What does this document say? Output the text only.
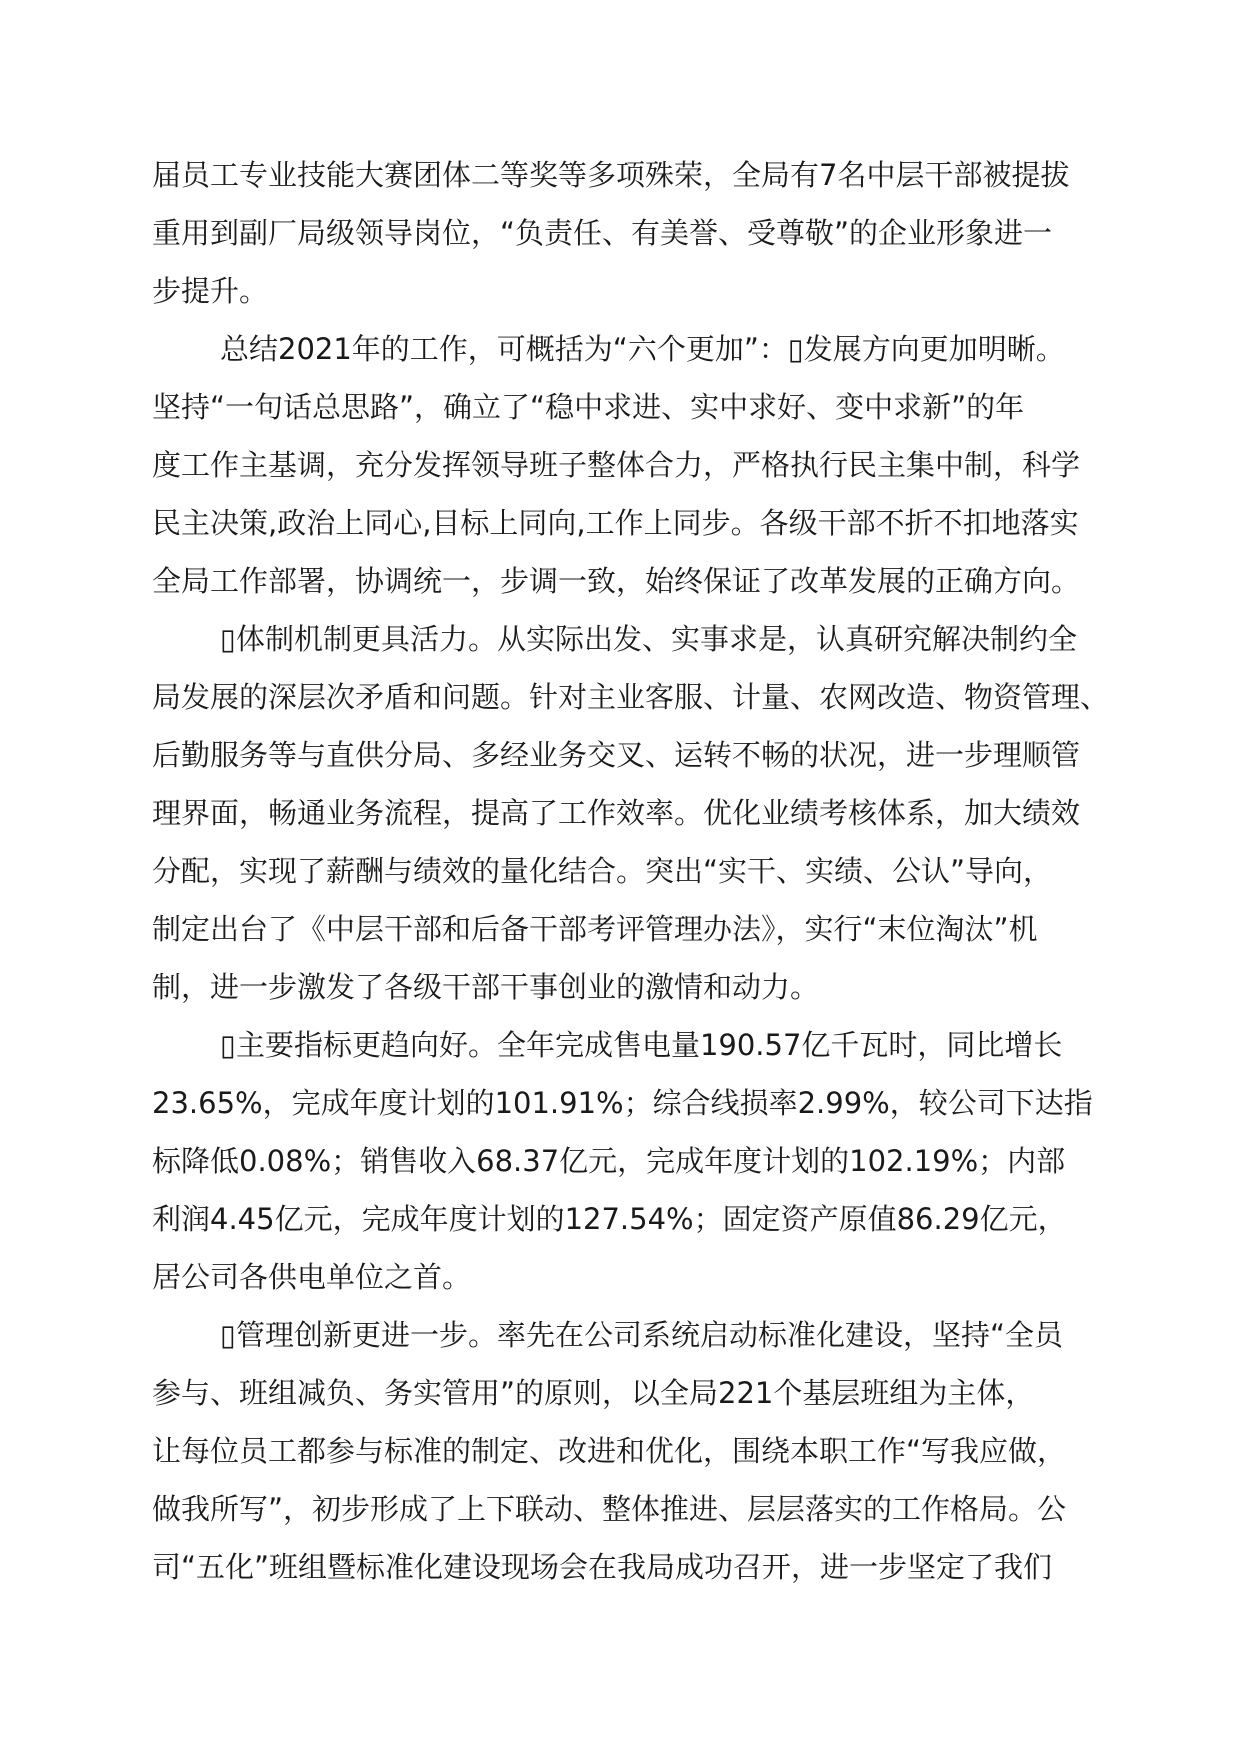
届员工专业技能大赛团体二等奖等多项殊荣，全局有7名中层干部被提拔
重用到副厂局级领导岗位，“负责任、有美誉、受尊敬”的企业形象进一
步提升。
总结2021年的工作，可概括为“六个更加”：▯发展方向更加明晰。
坚持“一句话总思路”，确立了“稳中求进、实中求好、变中求新”的年
度工作主基调，充分发挥领导班子整体合力，严格执行民主集中制，科学
民主决策,政治上同心,目标上同向,工作上同步。各级干部不折不扣地落实
全局工作部署，协调统一，步调一致，始终保证了改革发展的正确方向。
▯体制机制更具活力。从实际出发、实事求是，认真研究解决制约全
局发展的深层次矛盾和问题。针对主业客服、计量、农网改造、物资管理、
后勤服务等与直供分局、多经业务交叉、运转不畅的状况，进一步理顺管
理界面，畅通业务流程，提高了工作效率。优化业绩考核体系，加大绩效
分配，实现了薪酬与绩效的量化结合。突出“实干、实绩、公认”导向，
制定出台了《中层干部和后备干部考评管理办法》，实行“末位淘汰”机
制，进一步激发了各级干部干事创业的激情和动力。
▯主要指标更趋向好。全年完成售电量190.57亿千瓦时，同比增长
23.65%，完成年度计划的101.91%；综合线损率2.99%，较公司下达指
标降低0.08%；销售收入68.37亿元，完成年度计划的102.19%；内部
利润4.45亿元，完成年度计划的127.54%；固定资产原值86.29亿元，
居公司各供电单位之首。
▯管理创新更进一步。率先在公司系统启动标准化建设，坚持“全员
参与、班组减负、务实管用”的原则，以全局221个基层班组为主体，
让每位员工都参与标准的制定、改进和优化，围绕本职工作“写我应做，
做我所写”，初步形成了上下联动、整体推进、层层落实的工作格局。公
司“五化”班组暨标准化建设现场会在我局成功召开，进一步坚定了我们
